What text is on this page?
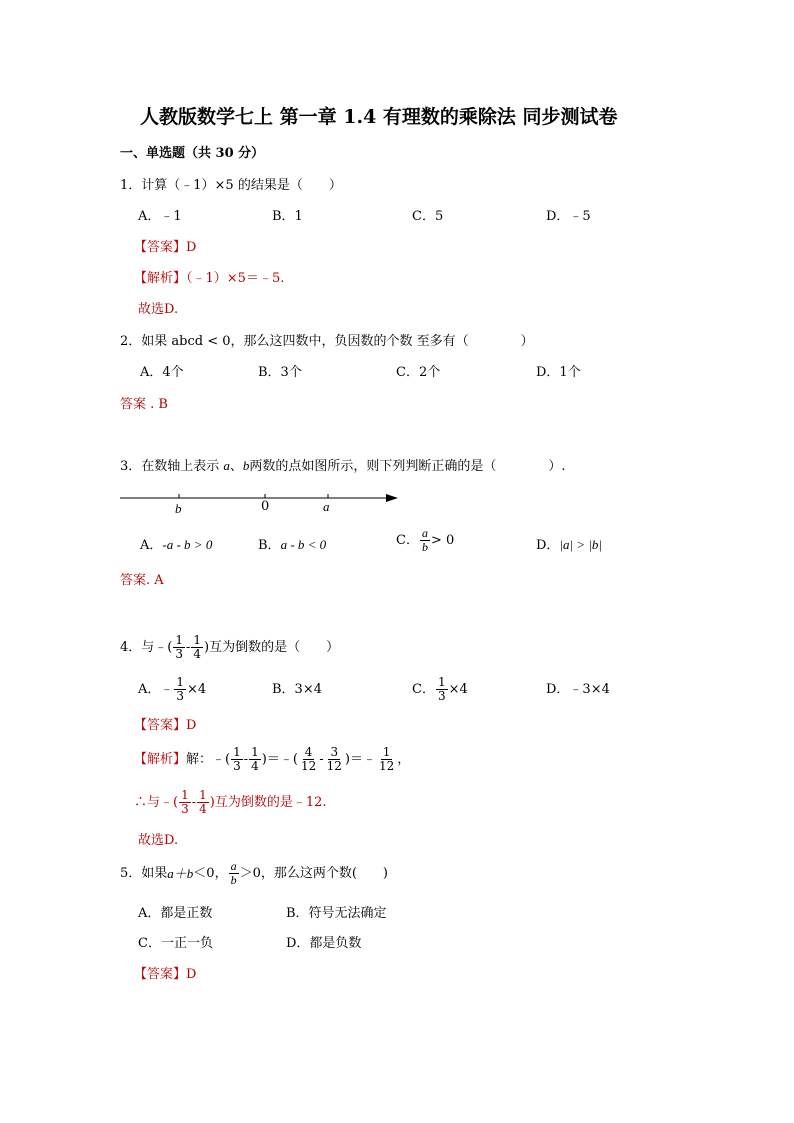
人教版数学七上 第一章 1.4 有理数的乘除法 同步测试卷
一、单选题（共 30 分）
1．计算（﹣1）×5 的结果是（　　）
A．﹣1	B．1	C．5	D．﹣5
【答案】D
【解析】（﹣1）×5＝﹣5.
故选D.
2．如果 abcd < 0，那么这四数中，负因数的个数 至多有（　　　　）
A．4个	B．3个	C．2个	D．1个
答案 . B
3．在数轴上表示 a、b两数的点如图所示，则下列判断正确的是（　　　　）.
b	0	a
A．-a - b > 0	B．a - b < 0	C． $\frac{a}{b} > 0$	D．|a| > |b|
答案. A
4．与﹣( $\frac{1}{3} - \frac{1}{4}$ )互为倒数的是（　　）
A．﹣ $\frac{1}{3} \times 4$	B．3×4	C． $\frac{1}{3} \times 4$	D．﹣3×4
【答案】D
【解析】 解：﹣( $\frac{1}{3} - \frac{1}{4}$ )＝﹣( $\frac{4}{12} - \frac{3}{12}$ )＝﹣ $\frac{1}{12}$ ，
∴与﹣( $\frac{1}{3} - \frac{1}{4}$ )互为倒数的是﹣12.
故选D.
5．如果 a＋b ＜0， $\frac{a}{b} >0$，那么这两个数(　　)
A．都是正数	B．符号无法确定
C．一正一负	D．都是负数
【答案】D
